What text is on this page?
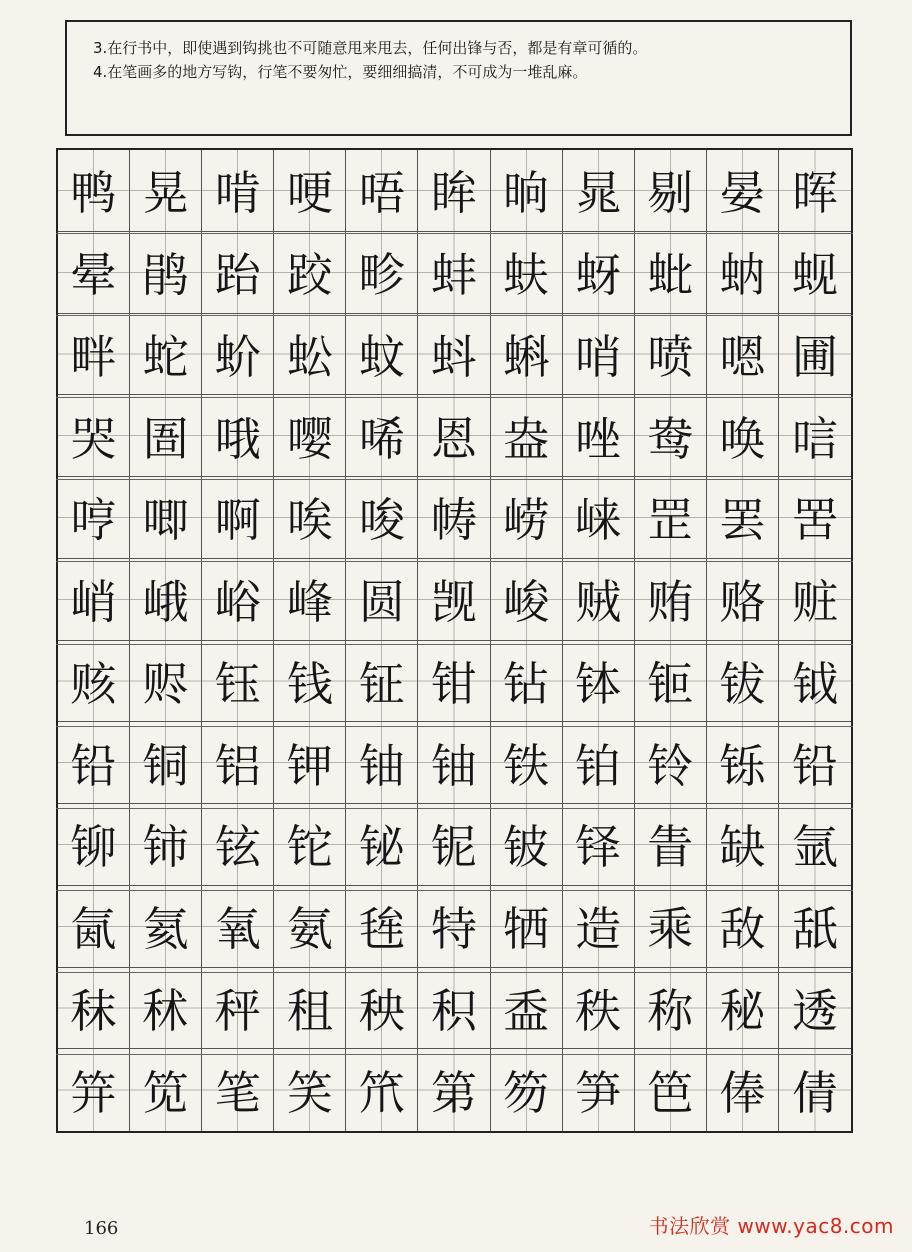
3.在行书中，即使遇到钩挑也不可随意甩来甩去，任何出锋与否，都是有章可循的。
4.在笔画多的地方写钩，行笔不要匆忙，要细细搞清，不可成为一堆乱麻。
鸭 晃 啃 哽 唔 眸 晌 晁 剔 晏 晖
晕 鹃 跆 跤 畛 蚌 蚨 蚜 蚍 蚋 蚬
畔 蛇 蚧 蚣 蚊 蚪 蝌 哨 喷 嗯 圃
哭 圄 哦 嘤 唏 恩 盎 唑 鸯 唤 唁
哼 唧 啊 唉 唆 帱 崂 崃 罡 罢 罟
峭 峨 峪 峰 圆 觊 峻 贼 贿 赂 赃
赅 赆 钰 钱 钲 钳 钻 钵 钷 钹 钺
铅 铜 铝 钾 铀 铀 铁 铂 铃 铄 铅
铆 铈 铉 铊 铋 铌 铍 铎 眚 缺 氩
氤 氦 氧 氨 毪 特 牺 造 乘 敌 舐
秣 秫 秤 租 秧 积 盉 秩 称 秘 透
笄 笕 笔 笑 笊 第 笏 笋 笆 俸 倩
166	书法欣赏 www.yac8.com
